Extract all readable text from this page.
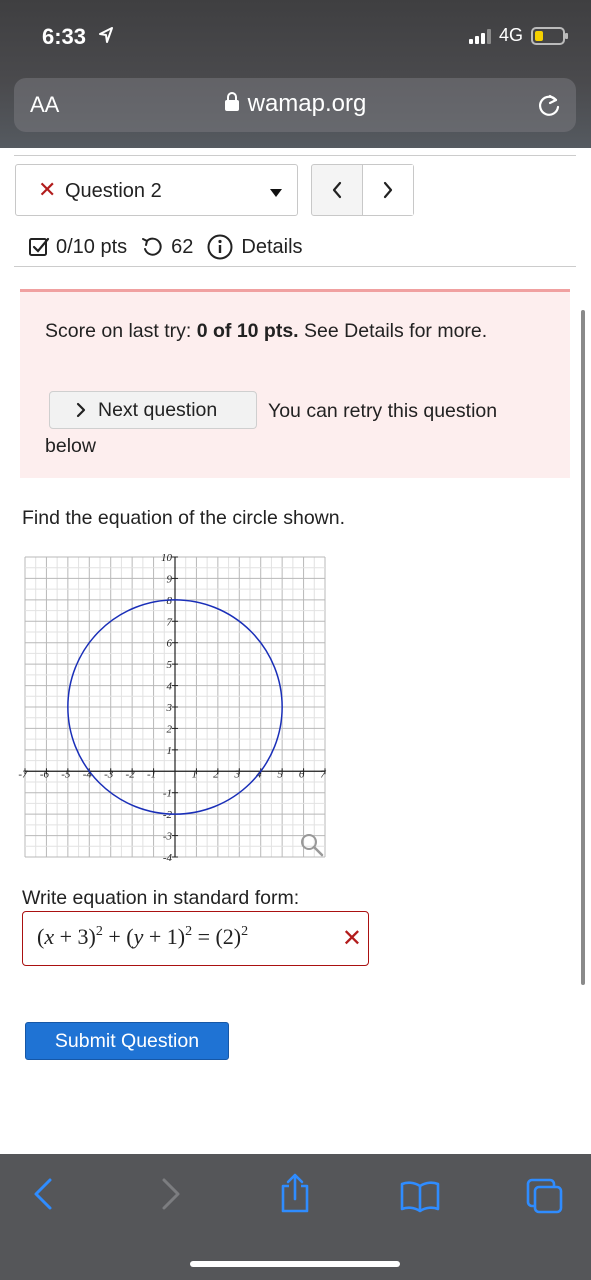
6:33	4G
AA	wamap.org
✕ Question 2
0/10 pts 62 Details
Score on last try: 0 of 10 pts. See Details for more.
Next question	You can retry this question
below
Find the equation of the circle shown.
-7 -6 -5 -4 -3 -2 -1	1 2 3 4 5 6 7
10
9
8
7
6
5
4
3
2
1
-1
-2
-3
-4
Write equation in standard form:
$(x + 3)^2 + (y + 1)^2 = (2)^2$	✕
Submit Question
